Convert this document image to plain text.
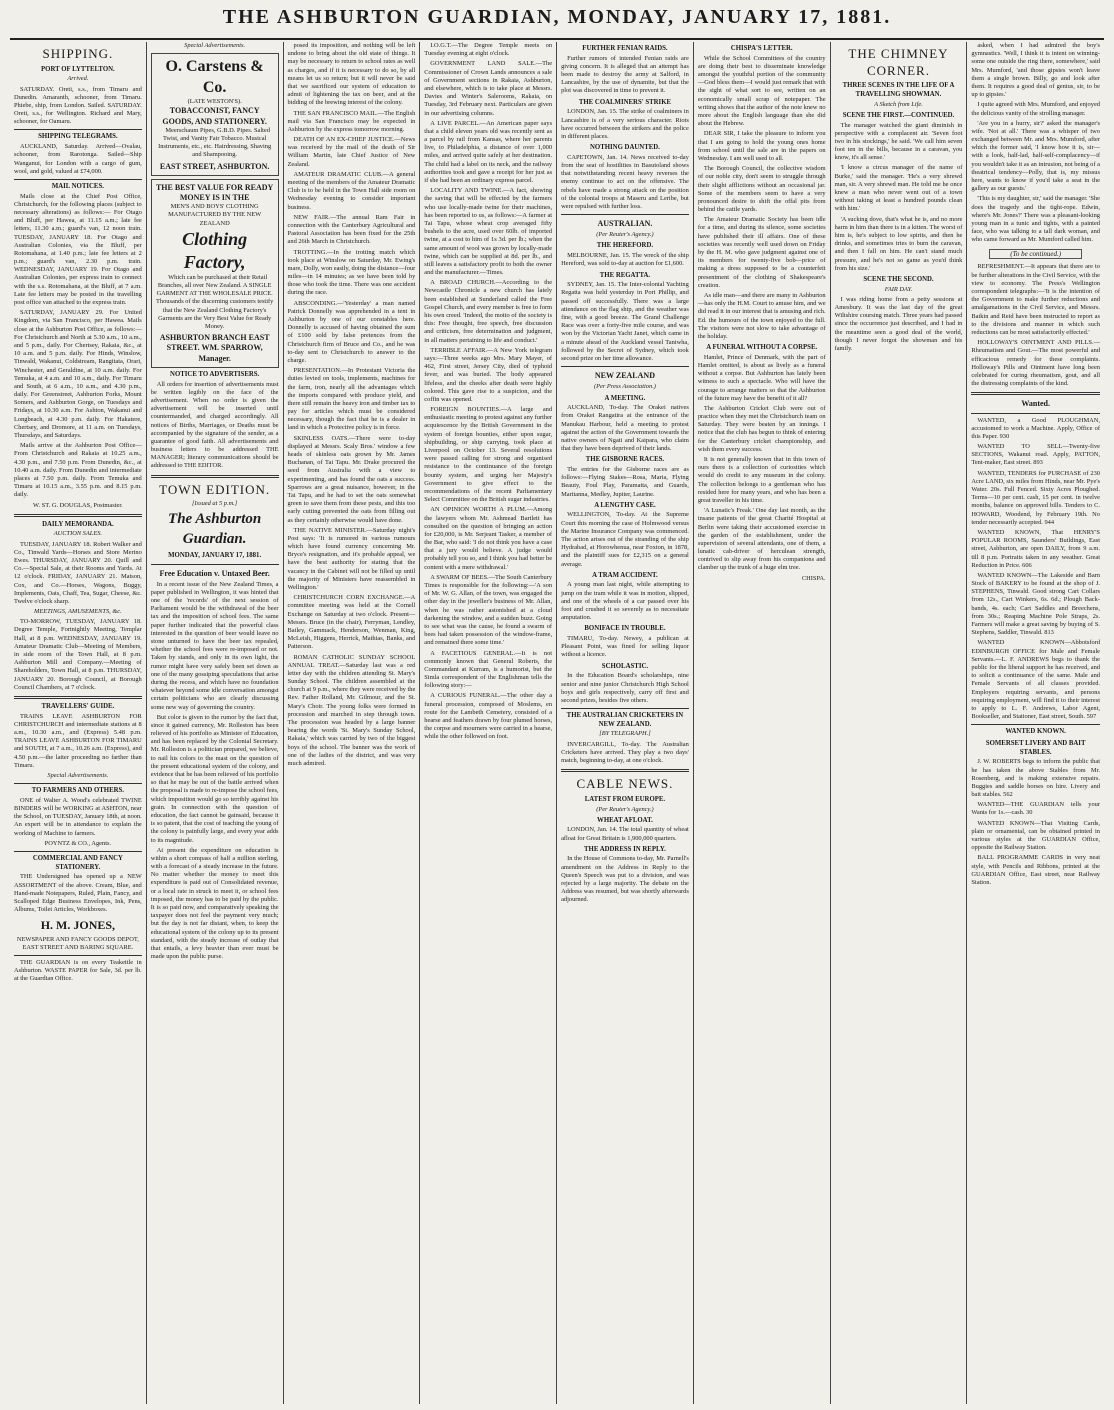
THE ASHBURTON GUARDIAN, MONDAY, JANUARY 17, 1881.
SHIPPING.
PORT OF LYTTELTON.
Arrived.

SATURDAY. Oreti, s.s., from Timaru and Dunedin. Amaranth, schooner, from Timaru. Phiebe, ship, from London. Sailed. SATURDAY. Oreti, s.s., for Wellington. Richard and Mary, schooner, for Oamaru.

SHIPPING TELEGRAMS.

AUCKLAND, Saturday. Arrived—Ovalau, schooner, from Rarotonga. Sailed—Ship Wanganui, for London with a cargo of gum, wool, and gold, valued at £74,000.

MAIL NOTICES.

Mails close at the Chief Post Office, Christchurch, for the following places (subject to necessary alterations) as follows:— For Otago and Bluff, per Hawea, at 11.15 a.m.; late fee letters, 11.30 a.m.; guard's van, 12 noon train. TUESDAY, JANUARY 18. For Otago and Australian Colonies, via the Bluff, per Rotomahana, at 1.40 p.m.; late fee letters at 2 p.m.; guard's van, 2.30 p.m. train. WEDNESDAY, JANUARY 19. For Otago and Australian Colonies, per express train to connect with the s.s. Rotomahana, at the Bluff, at 7 a.m. Late fee letters may be posted in the travelling post office van attached to the express train.

SATURDAY, JANUARY 29. For United Kingdom, via San Francisco, per Hawea. Mails close at the Ashburton Post Office, as follows:— For Christchurch and North at 5.30 a.m., 10 a.m., and 5 p.m., daily. For Chertsey, Rakaia, &c., at 10 a.m. and 5 p.m. daily. For Hinds, Winslow, Tinwald, Wakanui, Coldstream, Rangitata, Orari, Winchester, and Geraldine, at 10 a.m. daily. For Temuka, at 4 a.m. and 10 a.m., daily. For Timaru and South, at 6 a.m., 10 a.m., and 4.30 p.m., daily. For Greenstreet, Ashburton Forks, Mount Somers, and Ashburton Gorge, on Tuesdays and Fridays, at 10.30 a.m. For Ashton, Wakanui and Longbeach, at 4.30 p.m. daily. For Hakatere, Chertsey, and Dromore, at 11 a.m. on Tuesdays, Thursdays, and Saturdays.

Mails arrive at the Ashburton Post Office— From Christchurch and Rakaia at 10.25 a.m., 4.30 p.m., and 7.50 p.m. From Dunedin, &c., at 10.40 a.m. daily. From Dunedin and intermediate places at 7.50 p.m. daily. From Temuka and Timaru at 10.15 a.m., 3.55 p.m. and 8.15 p.m. daily.

W. ST. G. DOUGLAS, Postmaster.
DAILY MEMORANDA.
AUCTION SALES.

TUESDAY, JANUARY 18. Robert Walker and Co., Tinwald Yards—Horses and Store Merino Ewes. THURSDAY, JANUARY 20. Quill and Co.—Special Sale, at their Rooms and Yards. At 12 o'clock. FRIDAY, JANUARY 21. Matson, Cox, and Co.—Horses, Wagons, Buggy, Implements, Oats, Chaff, Tea, Sugar, Cheese, &c. Twelve o'clock sharp.

MEETINGS, AMUSEMENTS, &c.

TO-MORROW, TUESDAY, JANUARY 18. Degree Temple, Fortnightly Meeting, Templar Hall, at 8 p.m. WEDNESDAY, JANUARY 19. Amateur Dramatic Club—Meeting of Members, in side room of the Town Hall, at 8 p.m. Ashburton Mill and Company.—Meeting of Shareholders, Town Hall, at 8 p.m. THURSDAY, JANUARY 20. Borough Council, at Borough Council Chambers, at 7 o'clock.

TRAVELLERS' GUIDE.

TRAINS LEAVE ASHBURTON FOR CHRISTCHURCH and intermediate stations at 8 a.m., 10.30 a.m., and (Express) 5.48 p.m. TRAINS LEAVE ASHBURTON FOR TIMARU and SOUTH, at 7 a.m., 10.26 a.m. (Express), and 4.50 p.m.—the latter proceeding no farther than Timaru.

Special Advertisements.
TO FARMERS AND OTHERS.

ONE of Walter A. Wood's celebrated TWINE BINDERS will be WORKING at ASHTON, near the School, on TUESDAY, January 18th, at noon. An expert will be in attendance to explain the working of Machine to farmers.

POYNTZ & CO., Agents.
COMMERCIAL AND FANCY STATIONERY.

THE Undersigned has opened up a NEW ASSORTMENT of the above. Cream, Blue, and Hand-made Notepapers, Ruled, Plain, Fancy, and Scalloped Edge Business Envelopes, Ink, Pens, Albums, Toilet Articles, Workboxes.

H. M. JONES,
NEWSPAPER AND FANCY GOODS DEPOT, EAST STREET AND BARING SQUARE.

THE GUARDIAN is on every Teakettle in Ashburton. WASTE PAPER for Sale, 3d. per lb. at the Guardian Office.

Special Advertisements.
O. Carstens & Co.
(LATE WESTON'S).
TOBACCONIST, FANCY GOODS, AND STATIONERY.

Meerschaum Pipes, G.B.D. Pipes. Salted Twist, and Vanity Fair Tobacco. Musical Instruments, etc., etc. Hairdressing, Shaving and Shampooing.

EAST STREET, ASHBURTON.
THE BEST VALUE FOR READY MONEY IS IN THE
MEN'S AND BOYS' CLOTHING MANUFACTURED BY THE NEW ZEALAND
Clothing Factory,

Which can be purchased at their Retail Branches, all over New Zealand. A SINGLE GARMENT AT THE WHOLESALE PRICE. Thousands of the discerning customers testify that the New Zealand Clothing Factory's Garments are the Very Best Value for Ready Money.

ASHBURTON BRANCH EAST STREET. WM. SPARROW, Manager.
NOTICE TO ADVERTISERS.

All orders for insertion of advertisements must be written legibly on the face of the advertisement. When no order is given the advertisement will be inserted until countermanded, and charged accordingly. All notices of Births, Marriages, or Deaths must be accompanied by the signature of the sender, as a guarantee of good faith. All advertisements and business letters to be addressed THE MANAGER; literary communications should be addressed to THE EDITOR.

TOWN EDITION.
[Issued at 5 p.m.]
The Ashburton Guardian.
MONDAY, JANUARY 17, 1881.
Free Education v. Untaxed Beer.

In a recent issue of the New Zealand Times, a paper published in Wellington, it was hinted that one of the 'records' of the next session of Parliament would be the withdrawal of the beer tax and the imposition of school fees. The same paper further indicated that the powerful class interested in the question of beer would leave no stone unturned to have the beer tax repealed, whether the school fees were re-imposed or not. Taken by stands, and only in its own light, the rumor might have very safely been set down as one of the many gossiping speculations that arise during the recess, and which have no foundation whatever beyond some idle conversation amongst certain politicians who are clearly discussing some new way of governing the country.

But color is given to the rumor by the fact that, since it gained currency, Mr. Rolleston has been relieved of his portfolio as Minister of Education, and has been replaced by the Colonial Secretary. Mr. Rolleston is a politician prepared, we believe, to nail his colors to the mast on the question of the present educational system of the colony, and evidence that he has been relieved of his portfolio so that he may be out of the battle arrived when the proposal is made to re-impose the school fees, which imposition would go so terribly against his grain. In connection with the question of education, the fact cannot be gainsaid, because it is so patent, that the cost of teaching the young of the colony is painfully large, and every year adds to its magnitude.

At present the expenditure on education is within a short compass of half a million sterling, with a forecast of a steady increase in the future. No matter whether the money to meet this expenditure is paid out of Consolidated revenue, or a local rate in struck to meet it, or school fees imposed, the money has to be paid by the public. It is so paid now, and comparatively speaking the taxpayer does not feel the payment very much; but the day is not far distant, when, to keep the educational system of the colony up to its present standard, with the steady increase of outlay that that entails, a levy heavier than ever must be made upon the public purse.

posed its imposition, and nothing will be left undone to bring about the old state of things. It may be necessary to return to school rates as well as charges, and if it is necessary to do so, by all means let us so return; but it will never be said that we sacrificed our system of education to admit of lightening the tax on beer, and at the bidding of the brewing interest of the colony.

THE SAN FRANCISCO MAIL.—The English mail via San Francisco may be expected in Ashburton by the express tomorrow morning.

DEATH OF AN EX-CHIEF JUSTICE.—News was received by the mail of the death of Sir William Martin, late Chief Justice of New Zealand.

AMATEUR DRAMATIC CLUB.—A general meeting of the members of the Amateur Dramatic Club is to be held in the Town Hall side room on Wednesday evening to consider important business.

NEW FAIR.—The annual Ram Fair in connection with the Canterbury Agricultural and Pastoral Association has been fixed for the 25th and 26th March in Christchurch.

TROTTING.—In the trotting match which took place at Winslow on Saturday, Mr. Ewing's mare, Dolly, won easily, doing the distance—four miles—in 14 minutes; as we have been told by those who took the time. There was one accident during the race.

ABSCONDING.—'Yesterday' a man named Patrick Donnelly was apprehended in a tent in Ashburton by one of our constables here. Donnelly is accused of having obtained the sum of £100 sold by false pretences from the Christchurch firm of Bruce and Co., and he was to-day sent to Christchurch to answer to the charge.

PRESENTATION.—In Protestant Victoria the duties levied on tools, implements, machines for the farm, iron, nearly all the advantages which the imports compared with produce yield, and there still remain the heavy iron and timber tax to pay for articles which must be considered necessary, though the fact that he is a dealer in land in which a Protective policy is in force.

SKINLESS OATS.—There were to-day displayed at Messrs. Scaly Bros.' window a few heads of skinless oats grown by Mr. James Buchanan, of Tai Tapu. Mr. Drake procured the seed from Australia with a view to experimenting, and has found the oats a success. Sparrows are a great nuisance, however, in the Tai Tapu, and he had to set the oats somewhat green to save them from these pests, and this too early cutting prevented the oats from filling out as they certainly otherwise would have done.

THE NATIVE MINISTER.—Saturday night's Post says: 'It is rumored in various rumours which have found currency concerning Mr. Bryce's resignation, and it's probable appeal, we have the best authority for stating that the vacancy in the Cabinet will not be filled up until the majority of Ministers have reassembled in Wellington.'

CHRISTCHURCH CORN EXCHANGE.—A committee meeting was held at the Cornell Exchange on Saturday at two o'clock. Present—Messrs. Bruce (in the chair), Ferryman, Lendley, Bailey, Gammack, Henderson, Wenman, King, McLeish, Higgens, Herrick, Mathias, Banks, and Patterson.

ROMAN CATHOLIC SUNDAY SCHOOL ANNUAL TREAT.—Saturday last was a red letter day with the children attending St. Mary's Sunday School. The children assembled at the church at 9 p.m., where they were received by the Rev. Father Rolland, Mr. Gilmour, and the St. Mary's Choir. The young folks were formed in procession and marched in step through town. The procession was headed by a large banner bearing the words 'St. Mary's Sunday School, Rakaia,' which was carried by two of the biggest boys of the school. The banner was the work of one of the ladies of the district, and was very much admired.

I.O.G.T.—The Degree Temple meets on Tuesday evening at eight o'clock.

GOVERNMENT LAND SALE.—The Commissioner of Crown Lands announces a sale of Government sections in Rakaia, Ashburton, and elsewhere, which is to take place at Messrs. Davies and Winter's Salerooms, Rakaia, on Tuesday, 3rd February next. Particulars are given in our advertising columns.

A LIVE PARCEL.—An American paper says that a child eleven years old was recently sent as a parcel by rail from Kansas, where her parents live, to Philadelphia, a distance of over 1,000 miles, and arrived quite safely at her destination. The child had a label on its neck, and the railway authorities took and gave a receipt for her just as if she had been an ordinary express parcel.

LOCALITY AND TWINE.—A fact, showing the saving that will be effected by the farmers who use locally-made twine for their machines, has been reported to us, as follows:—A farmer at Tai Tapu, whose wheat crop averaged fifty bushels to the acre, used over 60lb. of imported twine, at a cost to him of 1s 3d. per lb.; when the same amount of wool was grown by locally-made twine, which can be supplied at 8d. per lb., and still leaves a satisfactory profit to both the owner and the manufacturer.—Times.

A BROAD CHURCH.—According to the Newcastle Chronicle a new church has lately been established at Sunderland called the Free Gospel Church, and every member is free to form his own creed. 'Indeed, the motto of the society is this: Free thought, free speech, free discussion and criticism, free determination and judgment, in all matters pertaining to life and conduct.'

TERRIBLE AFFAIR.—A New York telegram says:—Three weeks ago Mrs. Mary Mayer, of 462, First street, Jersey City, died of typhoid fever, and was buried. The body appeared lifeless, and the cheeks after death were highly colored. This gave rise to a suspicion, and the coffin was opened.

FOREIGN BOUNTIES.—A large and enthusiastic meeting to protest against any further acquiescence by the British Government in the system of foreign bounties, either upon sugar, shipbuilding, or ship carrying, took place at Liverpool on October 13. Several resolutions were passed calling for strong and organised resistance to the continuance of the foreign bounty system, and urging her Majesty's Government to give effect to the recommendations of the recent Parliamentary Select Committee on the British sugar industries.

AN OPINION WORTH A PLUM.—Among the lawyers whom Mr. Ashmead Bartlett has consulted on the question of bringing an action for £20,000, is Mr. Serjeant Tasker, a member of the Bar, who said: 'I do not think you have a case that a jury would believe. A judge would probably tell you so, and I think you had better be content with a mere withdrawal.'

A SWARM OF BEES.—The South Canterbury Times is responsible for the following:—'A son of Mr. W. G. Allan, of the town, was engaged the other day in the jeweller's business of Mr. Allan, when he was rather astonished at a cloud darkening the window, and a sudden buzz. Going to see what was the cause, he found a swarm of bees had taken possession of the window-frame, and remained there some time.'

A FACETIOUS GENERAL.—It is not commonly known that General Roberts, the Commandant at Kurram, is a humorist, but the Simla correspondent of the Englishman tells the following story:—

A CURIOUS FUNERAL.—The other day a funeral procession, composed of Moslems, en route for the Lambeth Cemetery, consisted of a hearse and feathers drawn by four plumed horses, the corpse and mourners were carried in a hearse, while the other followed on foot.

FURTHER FENIAN RAIDS.

Further rumors of intended Fenian raids are giving concern. It is alleged that an attempt has been made to destroy the army at Salford, in Lancashire, by the use of dynamite, but that the plot was discovered in time to prevent it.

THE COALMINERS' STRIKE

LONDON, Jan. 15. The strike of coalminers in Lancashire is of a very serious character. Riots have occurred between the strikers and the police in different places.

NOTHING DAUNTED.

CAPETOWN, Jan. 14. News received to-day from the seat of hostilities in Basutoland shows that notwithstanding recent heavy reverses the enemy continue to act on the offensive. The rebels have made a strong attack on the position of the colonial troops at Maseru and Leribe, but were repulsed with further loss.

AUSTRALIAN.
(Per Reuter's Agency.)
THE HEREFORD.

MELBOURNE, Jan. 15. The wreck of the ship Hereford, was sold to-day at auction for £1,600.

THE REGATTA.

SYDNEY, Jan. 15. The Inter-colonial Yachting Regatta was held yesterday in Port Phillip, and passed off successfully. There was a large attendance on the flag ship, and the weather was fine, with a good breeze. The Grand Challenge Race was over a forty-five mile course, and was won by the Victorian Yacht Janet, which came in a minute ahead of the Auckland vessel Taniwha, followed by the Secret of Sydney, which took second prize on her time allowance.

NEW ZEALAND
(Per Press Association.)
A MEETING.

AUCKLAND, To-day. The Orakei natives from Orakei Rangatira at the entrance of the Manukau Harbour, held a meeting to protest against the action of the Government towards the native owners of Ngati and Kaipara, who claim that they have been deprived of their lands.

THE GISBORNE RACES.

The entries for the Gisborne races are as follows:—Flying Stakes—Rosa, Maria, Flying Beauty, Foul Play, Paramatta, and Guards, Maritanna, Medley, Jupiter, Laurine.

A LENGTHY CASE.

WELLINGTON, To-day. At the Supreme Court this morning the case of Holmwood versus the Marine Insurance Company was commenced. The action arises out of the stranding of the ship Hydrabad, at Horowhenua, near Foxton, in 1878, and the plaintiff sues for £2,315 on a general average.

A TRAM ACCIDENT.

A young man last night, while attempting to jump on the tram while it was in motion, slipped, and one of the wheels of a car passed over his foot and crushed it so severely as to necessitate amputation.

BONIFACE IN TROUBLE.

TIMARU, To-day. Newey, a publican at Pleasant Point, was fined for selling liquor without a licence.

SCHOLASTIC.

In the Education Board's scholarships, nine senior and nine junior Christchurch High School boys and girls respectively, carry off first and second prizes, besides five others.

THE AUSTRALIAN CRICKETERS IN NEW ZEALAND.
[BY TELEGRAPH.]

INVERCARGILL, To-day. The Australian Cricketers have arrived. They play a two days' match, beginning to-day, at one o'clock.

CABLE NEWS.
LATEST FROM EUROPE.
(Per Reuter's Agency.)
WHEAT AFLOAT.

LONDON, Jan. 14. The total quantity of wheat afloat for Great Britain is 1,900,000 quarters.

THE ADDRESS IN REPLY.

In the House of Commons to-day, Mr. Parnell's amendment on the Address in Reply to the Queen's Speech was put to a division, and was rejected by a large majority. The debate on the Address was resumed, but was shortly afterwards adjourned.

CHISPA'S LETTER.

While the School Committees of the country are doing their best to disseminate knowledge amongst the youthful portion of the community—God bless them—I would just remark that with the sight of what sort to see, written on an economically small scrap of notepaper. The writing shows that the author of the note knew no more about the English language than she did about the Hebrew.

DEAR SIR, I take the pleasure to inform you that I am going to hold the young ones home from school until the sale are in the papers on Wednesday. I am well used to all.

The Borough Council, the collective wisdom of our noble city, don't seem to struggle through their slight afflictions without an occasional jar. Some of the members seem to have a very pronounced desire to shift the offal pits from behind the cattle yards.

The Amateur Dramatic Society has been idle for a time, and during its silence, some societies have published their ill affairs. One of these societies was recently well used down on Friday by the H. M. who gave judgment against one of its members for twenty-five bob—price of making a dress supposed to be a counterfeit presentment of the clothing of Shakespeare's creation.

As idle man—and there are many in Ashburton—has only the H.M. Court to amuse him, and we did read it in our interest that is amusing and rich. Ed. the humours of the town enjoyed to the full. The visitors were not slow to take advantage of the holiday.

A FUNERAL WITHOUT A CORPSE.

Hamlet, Prince of Denmark, with the part of Hamlet omitted, is about as lively as a funeral without a corpse. But Ashburton has lately been witness to such a spectacle. Who will have the courage to arrange matters so that the Ashburton of the future may have the benefit of it all?

The Ashburton Cricket Club were out of practice when they met the Christchurch team on Saturday. They were beaten by an innings. I notice that the club has begun to think of entering for the Canterbury cricket championship, and wish them every success.

It is not generally known that in this town of ours there is a collection of curiosities which would do credit to any museum in the colony. The collection belongs to a gentleman who has resided here for many years, and who has been a great traveller in his time.

'A Lunatic's Freak.' One day last month, as the insane patients of the great Charité Hospital at Berlin were taking their accustomed exercise in the garden of the establishment, under the supervision of several attendants, one of them, a lunatic cab-driver of herculean strength, contrived to slip away from his companions and clamber up the trunk of a huge elm tree.

CHISPA.
THE CHIMNEY CORNER.
THREE SCENES IN THE LIFE OF A TRAVELLING SHOWMAN.
A Sketch from Life.
SCENE THE FIRST.—CONTINUED.

The manager watched the giant diminish in perspective with a complacent air. 'Seven foot two in his stockings,' he said. 'We call him seven foot ten in the bills, because in a caravan, you know, it's all sense.'

'I know a circus manager of the name of Burke,' said the manager. 'He's a very shrewd man, sir. A very shrewd man. He told me he once knew a man who never went out of a town without taking at least a hundred pounds clean with him.'

'A sucking dove, that's what he is, and no more harm in him than there is in a kitten. The worst of him is, he's subject to low spirits, and then he drinks, and sometimes tries to burn the caravan, and then I fall on him. He can't stand much pressure, and he's not so game as you'd think from his size.'

SCENE THE SECOND.
FAIR DAY.

I was riding home from a petty sessions at Amesbury. It was the last day of the great Wiltshire coursing match. Three years had passed since the occurrence just described, and I had in the meantime seen a good deal of the world, though I never forgot the showman and his family.

asked, when I had admired the boy's gymnastics. 'Well, I think it is intent on winning-some one outside the ring there, somewhere,' said Mrs. Mumford, 'and those gipsies won't leave them a single brown. Billy, go and look after them. It requires a good deal of genius, sir, to be up to gipsies.'

I quite agreed with Mrs. Mumford, and enjoyed the delicious vanity of the strolling manager.

'Are you in a hurry, sir?' asked the manager's wife. 'Not at all.' There was a whisper of two exchanged between Mr. and Mrs. Mumford, after which the former said, 'I know how it is, sir—with a look, half-lad, half-self-complacency—if you wouldn't take it as an intrusion, not being of a theatrical tendency—Polly, that is, my missus here, wants to know if you'd take a seat in the gallery as our guests.'

'This is my daughter, sir,' said the manager. 'She does the tragedy and the tight-rope. Edwin, where's Mr. Jones?' There was a pleasant-looking young man in a tunic and tights, with a painted face, who was talking to a tall dark woman, and who came forward as Mr. Mumford called him.

(To be continued.)

REFRESHMENT.—It appears that there are to be further alterations in the Civil Service, with the view to economy. The Press's Wellington correspondent telegraphs:—'It is the intention of the Government to make further reductions and amalgamations in the Civil Service, and Messrs. Batkin and Reid have been instructed to report as to the divisions and manner in which such reductions can be most satisfactorily effected.'

HOLLOWAY'S OINTMENT AND PILLS.—Rheumatism and Gout.—The most powerful and efficacious remedy for these complaints. Holloway's Pills and Ointment have long been celebrated for curing rheumatism, gout, and all the distressing complaints of the kind.

Wanted.

WANTED, a Good PLOUGHMAN, accustomed to work a Machine. Apply, Office of this Paper. 930

WANTED TO SELL—Twenty-five SECTIONS, Wakanui road. Apply, PATTON, Tent-maker, East street. 893

WANTED, TENDERS for PURCHASE of 230 Acre LAND, six miles from Hinds, near Mr. Pye's Water. 20s. Full Fenced. Sixty Acres Ploughed. Terms—10 per cent. cash, 15 per cent. in twelve months, balance on approved bills. Tenders to C. HOWARD, Woodend, by February 19th. No tender necessarily accepted. 944

WANTED KNOWN, That HENRY'S POPULAR ROOMS, Saunders' Buildings, East street, Ashburton, are open DAILY, from 9 a.m. till 8 p.m. Portraits taken in any weather. Great Reduction in Price. 606

WANTED KNOWN—The Lakeside and Barn Stock of BAKERY to be found at the shop of J. STEPHENS, Tinwald. Good strong Cart Collars from 12s., Cart Winkers, 6s. 6d.; Plough Back-bands, 4s. each; Cart Saddles and Breechens, from 30s.; Reaping Machine Pole Straps, 2s. Farmers will make a great saving by buying of S. Stephens, Saddler, Tinwald. 813

WANTED KNOWN—Abbotsford EDINBURGH OFFICE for Male and Female Servants.—L. F. ANDREWS begs to thank the public for the liberal support he has received, and to solicit a continuance of the same. Male and Female Servants of all classes provided. Employers requiring servants, and persons requiring employment, will find it to their interest to apply to L. F. Andrews, Labor Agent, Bookseller, and Stationer, East street, South. 597

WANTED KNOWN.
SOMERSET LIVERY AND BAIT STABLES.

J. W. ROBERTS begs to inform the public that he has taken the above Stables from Mr. Rosenberg, and is making extensive repairs. Buggies and saddle horses on hire. Livery and bait stables. 562

WANTED—THE GUARDIAN tells your Wants for 1s.—cash. 30

WANTED KNOWN—That Visiting Cards, plain or ornamental, can be obtained printed in various styles at the GUARDIAN Office, opposite the Railway Station.

BALL PROGRAMME CARDS in very neat style, with Pencils and Ribbons, printed at the GUARDIAN Office, East street, near Railway Station.
